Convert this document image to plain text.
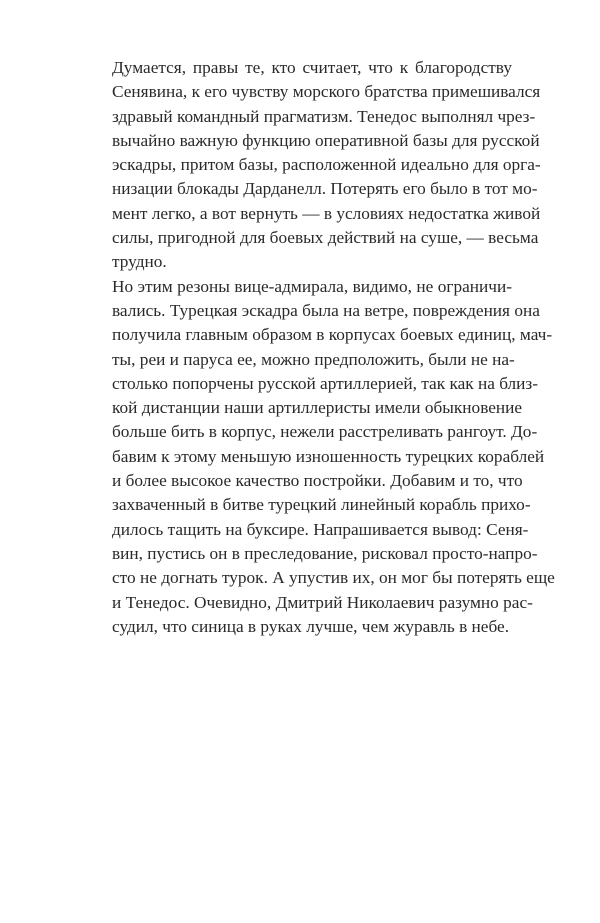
Думается, правы те, кто считает, что к благородству
Сенявина, к его чувству морского братства примешивался
здравый командный прагматизм. Тенедос выполнял чрез-
вычайно важную функцию оперативной базы для русской
эскадры, притом базы, расположенной идеально для орга-
низации блокады Дарданелл. Потерять его было в тот мо-
мент легко, а вот вернуть — в условиях недостатка живой
силы, пригодной для боевых действий на суше, — весьма
трудно.
Но этим резоны вице-адмирала, видимо, не ограничи-
вались. Турецкая эскадра была на ветре, повреждения она
получила главным образом в корпусах боевых единиц, мач-
ты, реи и паруса ее, можно предположить, были не на-
столько попорчены русской артиллерией, так как на близ-
кой дистанции наши артиллеристы имели обыкновение
больше бить в корпус, нежели расстреливать рангоут. До-
бавим к этому меньшую изношенность турецких кораблей
и более высокое качество постройки. Добавим и то, что
захваченный в битве турецкий линейный корабль прихо-
дилось тащить на буксире. Напрашивается вывод: Сеня-
вин, пустись он в преследование, рисковал просто-напро-
сто не догнать турок. А упустив их, он мог бы потерять еще
и Тенедос. Очевидно, Дмитрий Николаевич разумно рас-
судил, что синица в руках лучше, чем журавль в небе.
